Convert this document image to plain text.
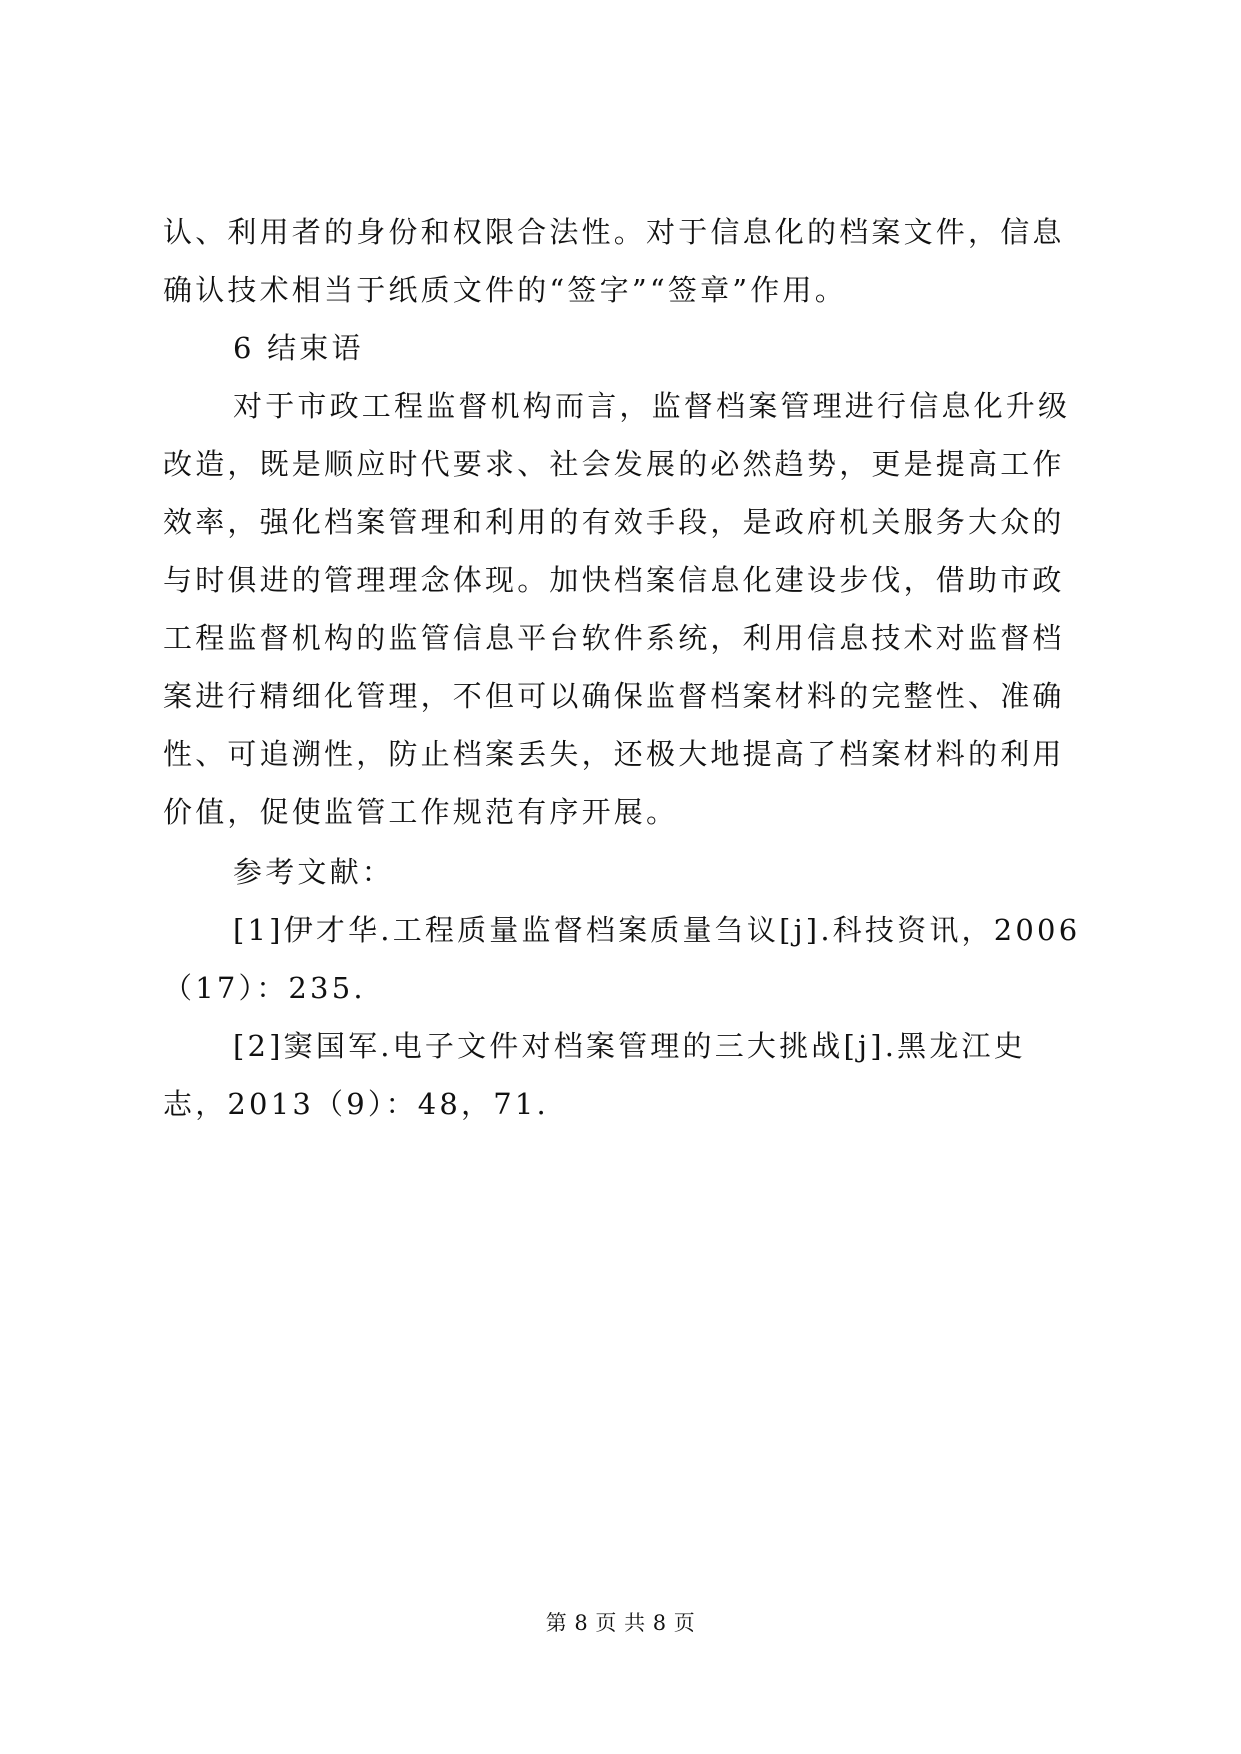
认、利用者的身份和权限合法性。对于信息化的档案文件，信息
确认技术相当于纸质文件的“签字”“签章”作用。
6 结束语
对于市政工程监督机构而言，监督档案管理进行信息化升级
改造，既是顺应时代要求、社会发展的必然趋势，更是提高工作
效率，强化档案管理和利用的有效手段，是政府机关服务大众的
与时俱进的管理理念体现。加快档案信息化建设步伐，借助市政
工程监督机构的监管信息平台软件系统，利用信息技术对监督档
案进行精细化管理，不但可以确保监督档案材料的完整性、准确
性、可追溯性，防止档案丢失，还极大地提高了档案材料的利用
价值，促使监管工作规范有序开展。
参考文献：
[1]伊才华.工程质量监督档案质量刍议[j].科技资讯，2006
（17）：235.
[2]窦国军.电子文件对档案管理的三大挑战[j].黑龙江史
志，2013（9）：48，71.
第 8 页 共 8 页
